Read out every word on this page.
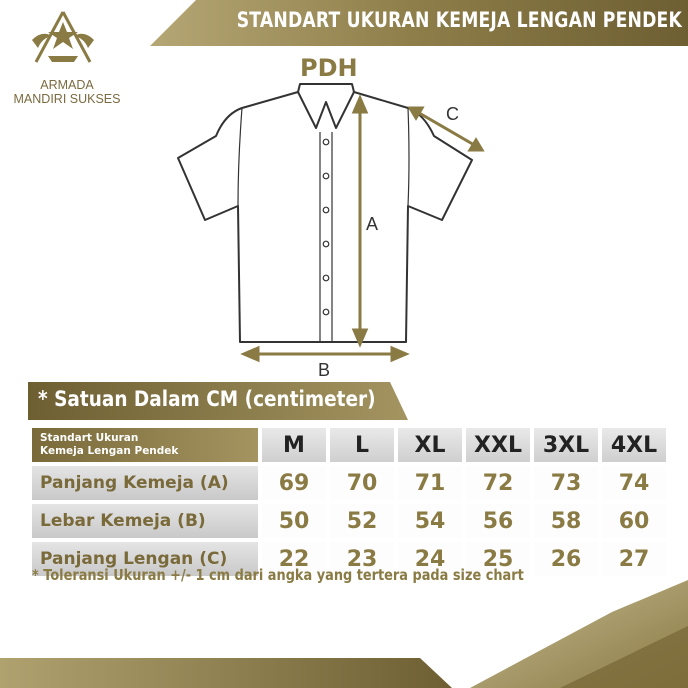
STANDART UKURAN KEMEJA LENGAN PENDEK
ARMADA
MANDIRI SUKSES
PDH
A
B
C
* Satuan Dalam CM (centimeter)
Standart Ukuran
Kemeja Lengan Pendek	M	L	XL	XXL	3XL	4XL
Panjang Kemeja (A)	69	70	71	72	73	74
Lebar Kemeja (B)	50	52	54	56	58	60
Panjang Lengan (C)	22	23	24	25	26	27
* Toleransi Ukuran +/- 1 cm dari angka yang tertera pada size chart
